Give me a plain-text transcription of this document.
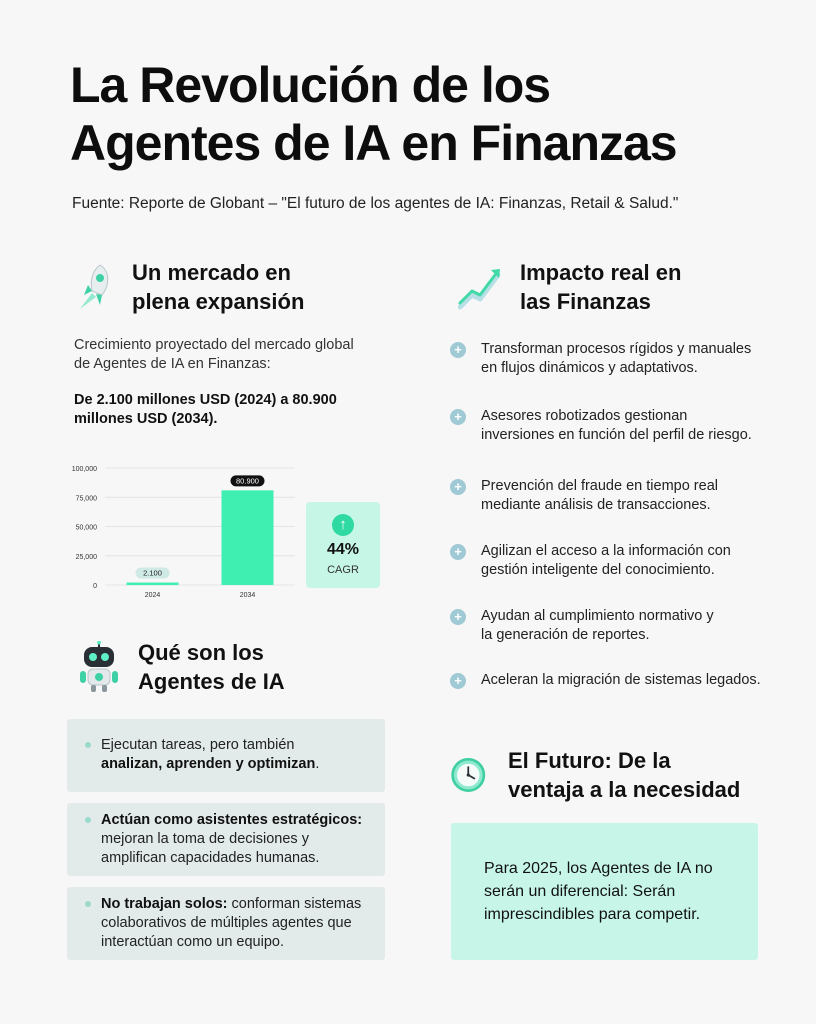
La Revolución de los
Agentes de IA en Finanzas
Fuente: Reporte de Globant – "El futuro de los agentes de IA: Finanzas, Retail & Salud."
Un mercado en
plena expansión
Crecimiento proyectado del mercado global
de Agentes de IA en Finanzas:
De 2.100 millones USD (2024) a 80.900
millones USD (2034).
0
25,000
50,000
75,000
100,000
2.100
2024
80.900
2034
↑
44%
CAGR
Qué son los
Agentes de IA
Ejecutan tareas, pero también
analizan, aprenden y optimizan.
Actúan como asistentes estratégicos:
mejoran la toma de decisiones y
amplifican capacidades humanas.
No trabajan solos: conforman sistemas
colaborativos de múltiples agentes que
interactúan como un equipo.
Impacto real en
las Finanzas
+ Transforman procesos rígidos y manuales
en flujos dinámicos y adaptativos.
+ Asesores robotizados gestionan
inversiones en función del perfil de riesgo.
+ Prevención del fraude en tiempo real
mediante análisis de transacciones.
+ Agilizan el acceso a la información con
gestión inteligente del conocimiento.
+ Ayudan al cumplimiento normativo y
la generación de reportes.
+ Aceleran la migración de sistemas legados.
El Futuro: De la
ventaja a la necesidad
Para 2025, los Agentes de IA no
serán un diferencial: Serán
imprescindibles para competir.
